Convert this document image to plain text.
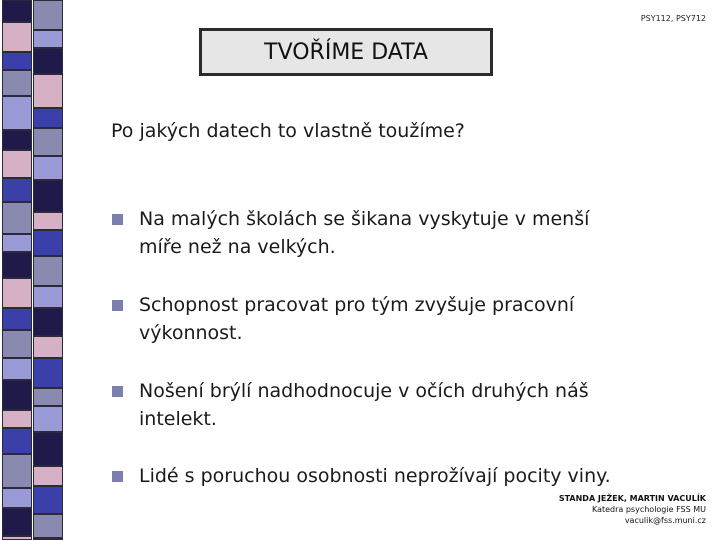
PSY112, PSY712
TVOŘÍME DATA
Po jakých datech to vlastně toužíme?
Na malých školách se šikana vyskytuje v menší
míře než na velkých.
Schopnost pracovat pro tým zvyšuje pracovní
výkonnost.
Nošení brýlí nadhodnocuje v očích druhých náš
intelekt.
Lidé s poruchou osobnosti neprožívají pocity viny.
STANDA JEŽEK, MARTIN VACULÍK
Katedra psychologie FSS MU
vaculik@fss.muni.cz
